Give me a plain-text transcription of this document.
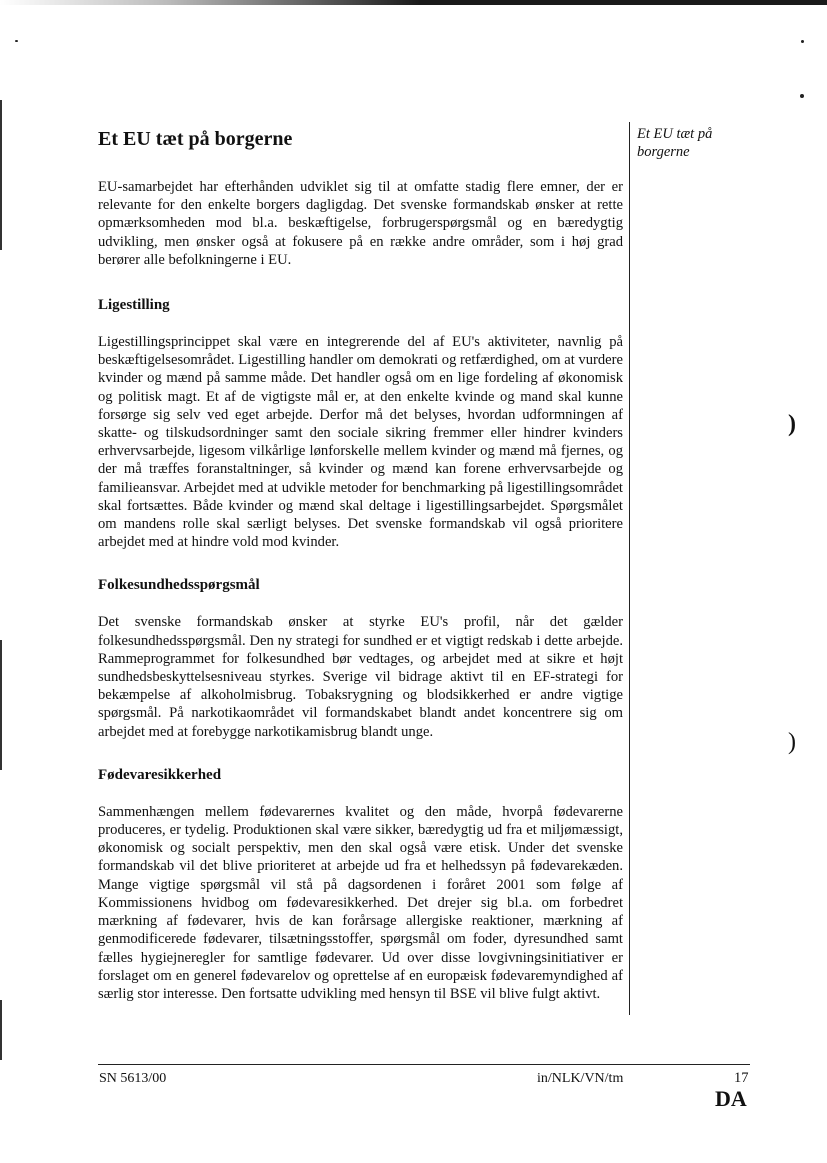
Et EU tæt på borgerne

EU-samarbejdet har efterhånden udviklet sig til at omfatte stadig flere emner, der er relevante for den enkelte borgers dagligdag. Det svenske formandskab ønsker at rette opmærksomheden mod bl.a. beskæftigelse, forbrugerspørgsmål og en bæredygtig udvikling, men ønsker også at fokusere på en række andre områder, som i høj grad berører alle befolkningerne i EU.

Ligestilling

Ligestillingsprincippet skal være en integrerende del af EU's aktiviteter, navnlig på beskæftigelsesområdet. Ligestilling handler om demokrati og retfærdighed, om at vurdere kvinder og mænd på samme måde. Det handler også om en lige fordeling af økonomisk og politisk magt. Et af de vigtigste mål er, at den enkelte kvinde og mand skal kunne forsørge sig selv ved eget arbejde. Derfor må det belyses, hvordan udformningen af skatte- og tilskudsordninger samt den sociale sikring fremmer eller hindrer kvinders erhvervsarbejde, ligesom vilkårlige lønforskelle mellem kvinder og mænd må fjernes, og der må træffes foranstaltninger, så kvinder og mænd kan forene erhvervsarbejde og familieansvar. Arbejdet med at udvikle metoder for benchmarking på ligestillingsområdet skal fortsættes. Både kvinder og mænd skal deltage i ligestillingsarbejdet. Spørgsmålet om mandens rolle skal særligt belyses. Det svenske formandskab vil også prioritere arbejdet med at hindre vold mod kvinder.

Folkesundhedsspørgsmål

Det svenske formandskab ønsker at styrke EU's profil, når det gælder folkesundhedsspørgsmål. Den ny strategi for sundhed er et vigtigt redskab i dette arbejde. Rammeprogrammet for folkesundhed bør vedtages, og arbejdet med at sikre et højt sundhedsbeskyttelsesniveau styrkes. Sverige vil bidrage aktivt til en EF-strategi for bekæmpelse af alkoholmisbrug. Tobaksrygning og blodsikkerhed er andre vigtige spørgsmål. På narkotikaområdet vil formandskabet blandt andet koncentrere sig om arbejdet med at forebygge narkotikamisbrug blandt unge.

Fødevaresikkerhed

Sammenhængen mellem fødevarernes kvalitet og den måde, hvorpå fødevarerne produceres, er tydelig. Produktionen skal være sikker, bæredygtig ud fra et miljømæssigt, økonomisk og socialt perspektiv, men den skal også være etisk. Under det svenske formandskab vil det blive prioriteret at arbejde ud fra et helhedssyn på fødevarekæden. Mange vigtige spørgsmål vil stå på dagsordenen i foråret 2001 som følge af Kommissionens hvidbog om fødevaresikkerhed. Det drejer sig bl.a. om forbedret mærkning af fødevarer, hvis de kan forårsage allergiske reaktioner, mærkning af genmodificerede fødevarer, tilsætningsstoffer, spørgsmål om foder, dyresundhed samt fælles hygiejneregler for samtlige fødevarer. Ud over disse lovgivningsinitiativer er forslaget om en generel fødevarelov og oprettelse af en europæisk fødevaremyndighed af særlig stor interesse. Den fortsatte udvikling med hensyn til BSE vil blive fulgt aktivt.

Et EU tæt på borgerne
)
)
SN 5613/00	in/NLK/VN/tm	17
DA
